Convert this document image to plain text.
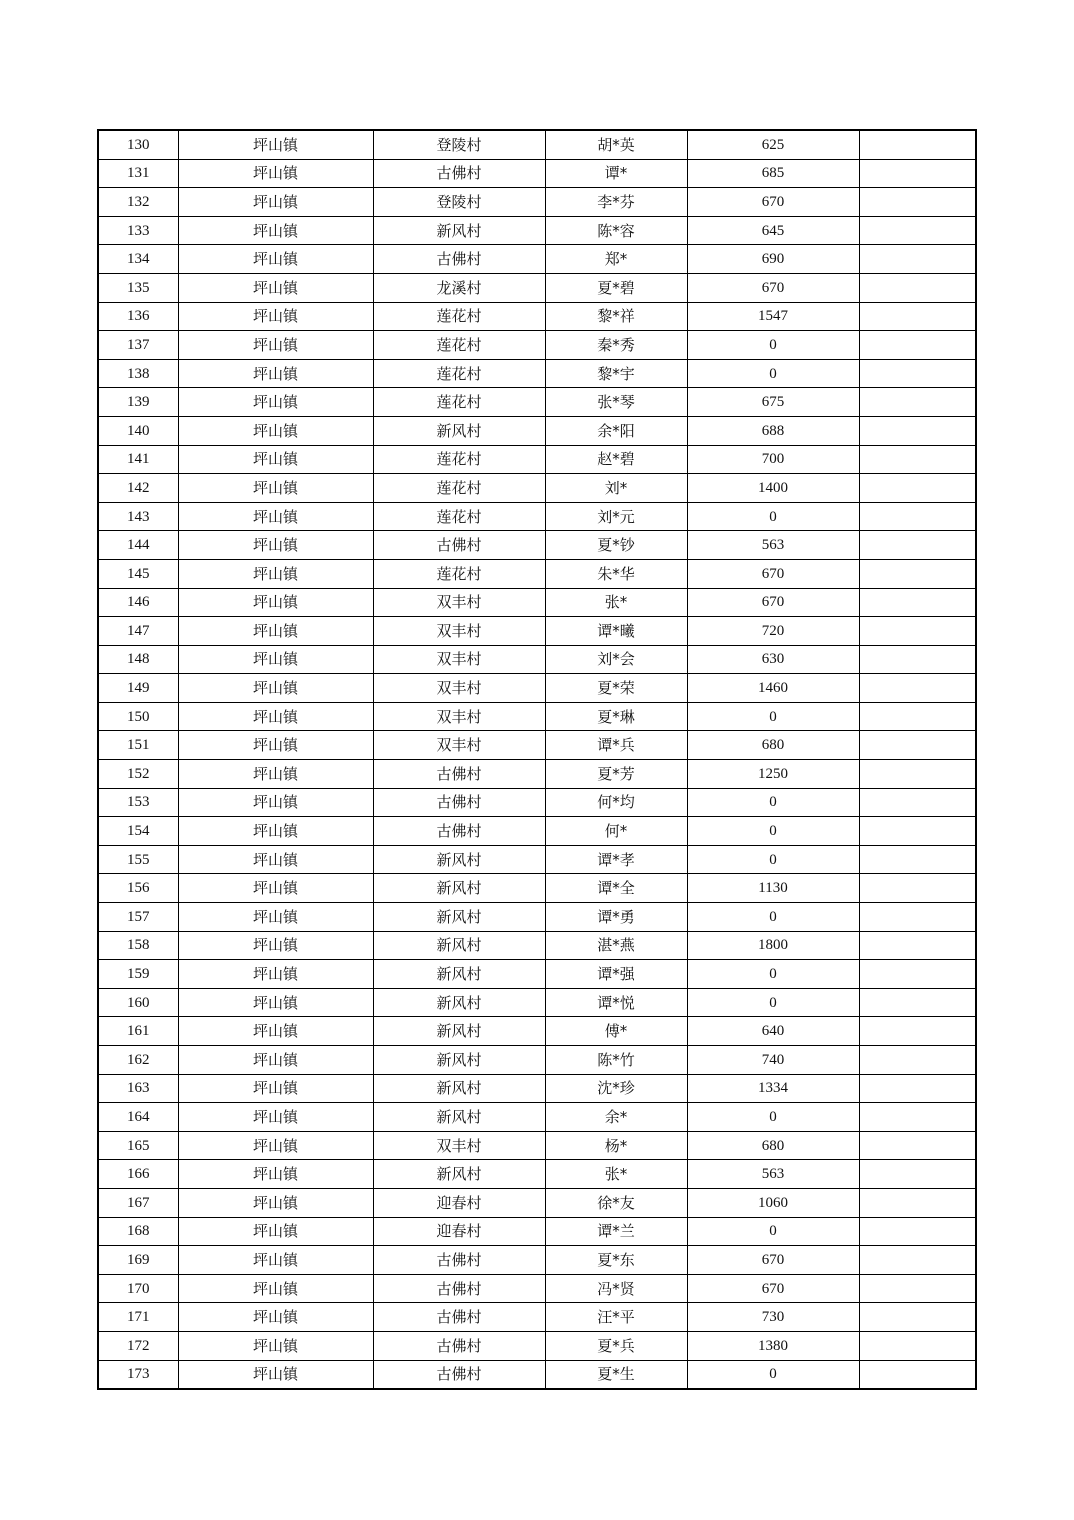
130	坪山镇	登陵村	胡*英	625	
131	坪山镇	古佛村	谭*	685	
132	坪山镇	登陵村	李*芬	670	
133	坪山镇	新风村	陈*容	645	
134	坪山镇	古佛村	郑*	690	
135	坪山镇	龙溪村	夏*碧	670	
136	坪山镇	莲花村	黎*祥	1547	
137	坪山镇	莲花村	秦*秀	0	
138	坪山镇	莲花村	黎*宇	0	
139	坪山镇	莲花村	张*琴	675	
140	坪山镇	新风村	余*阳	688	
141	坪山镇	莲花村	赵*碧	700	
142	坪山镇	莲花村	刘*	1400	
143	坪山镇	莲花村	刘*元	0	
144	坪山镇	古佛村	夏*钞	563	
145	坪山镇	莲花村	朱*华	670	
146	坪山镇	双丰村	张*	670	
147	坪山镇	双丰村	谭*曦	720	
148	坪山镇	双丰村	刘*会	630	
149	坪山镇	双丰村	夏*荣	1460	
150	坪山镇	双丰村	夏*琳	0	
151	坪山镇	双丰村	谭*兵	680	
152	坪山镇	古佛村	夏*芳	1250	
153	坪山镇	古佛村	何*均	0	
154	坪山镇	古佛村	何*	0	
155	坪山镇	新风村	谭*孝	0	
156	坪山镇	新风村	谭*全	1130	
157	坪山镇	新风村	谭*勇	0	
158	坪山镇	新风村	湛*燕	1800	
159	坪山镇	新风村	谭*强	0	
160	坪山镇	新风村	谭*悦	0	
161	坪山镇	新风村	傅*	640	
162	坪山镇	新风村	陈*竹	740	
163	坪山镇	新风村	沈*珍	1334	
164	坪山镇	新风村	余*	0	
165	坪山镇	双丰村	杨*	680	
166	坪山镇	新风村	张*	563	
167	坪山镇	迎春村	徐*友	1060	
168	坪山镇	迎春村	谭*兰	0	
169	坪山镇	古佛村	夏*东	670	
170	坪山镇	古佛村	冯*贤	670	
171	坪山镇	古佛村	汪*平	730	
172	坪山镇	古佛村	夏*兵	1380	
173	坪山镇	古佛村	夏*生	0	
